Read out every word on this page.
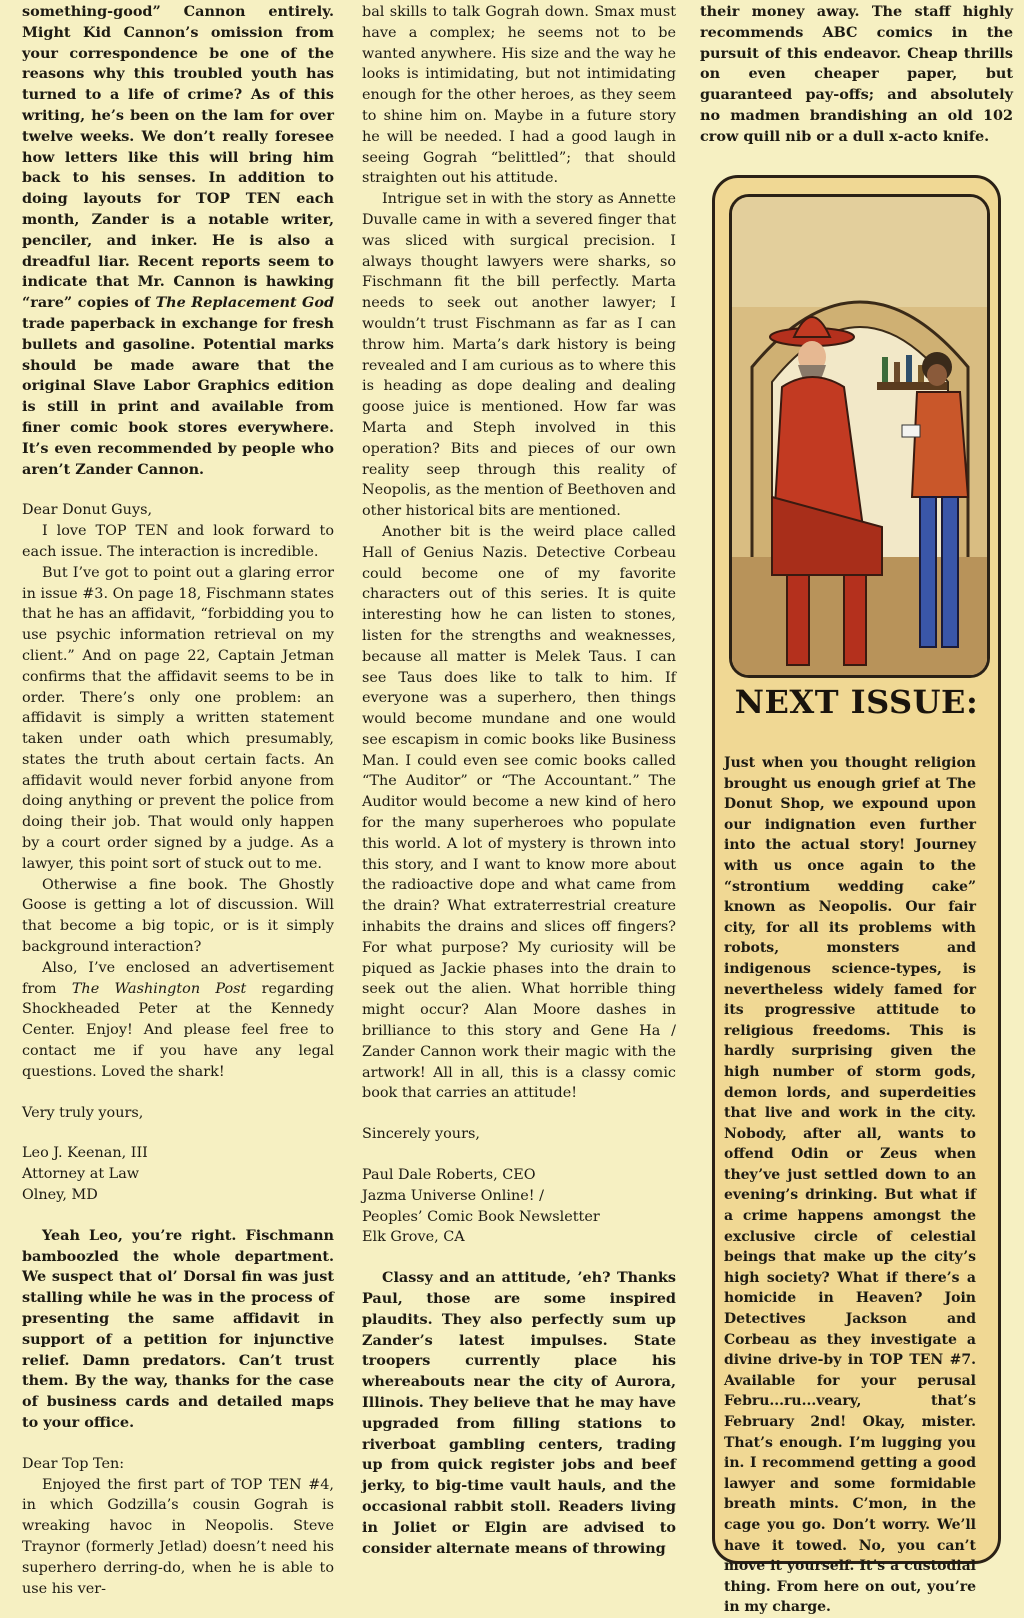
something-good” Cannon entirely. Might Kid Cannon’s omission from your correspondence be one of the reasons why this troubled youth has turned to a life of crime? As of this writing, he’s been on the lam for over twelve weeks. We don’t really foresee how letters like this will bring him back to his senses. In addition to doing layouts for TOP TEN each month, Zander is a notable writer, penciler, and inker. He is also a dreadful liar. Recent reports seem to indicate that Mr. Cannon is hawking “rare” copies of The Replacement God trade paperback in exchange for fresh bullets and gasoline. Potential marks should be made aware that the original Slave Labor Graphics edition is still in print and available from finer comic book stores everywhere. It’s even recommended by people who aren’t Zander Cannon.

Dear Donut Guys,

I love TOP TEN and look forward to each issue. The interaction is incredible.

But I’ve got to point out a glaring error in issue #3. On page 18, Fischmann states that he has an affidavit, “forbidding you to use psychic information retrieval on my client.” And on page 22, Captain Jetman confirms that the affidavit seems to be in order. There’s only one problem: an affidavit is simply a written statement taken under oath which presumably, states the truth about certain facts. An affidavit would never forbid anyone from doing anything or prevent the police from doing their job. That would only happen by a court order signed by a judge. As a lawyer, this point sort of stuck out to me.

Otherwise a fine book. The Ghostly Goose is getting a lot of discussion. Will that become a big topic, or is it simply background interaction?

Also, I’ve enclosed an advertisement from The Washington Post regarding Shockheaded Peter at the Kennedy Center. Enjoy! And please feel free to contact me if you have any legal questions. Loved the shark!

Very truly yours,

Leo J. Keenan, III

Attorney at Law

Olney, MD

Yeah Leo, you’re right. Fischmann bamboozled the whole department. We suspect that ol’ Dorsal fin was just stalling while he was in the process of presenting the same affidavit in support of a petition for injunctive relief. Damn predators. Can’t trust them. By the way, thanks for the case of business cards and detailed maps to your office.

Dear Top Ten:

Enjoyed the first part of TOP TEN #4, in which Godzilla’s cousin Gograh is wreaking havoc in Neopolis. Steve Traynor (formerly Jetlad) doesn’t need his superhero derring-do, when he is able to use his ver-

bal skills to talk Gograh down. Smax must have a complex; he seems not to be wanted anywhere. His size and the way he looks is intimidating, but not intimidating enough for the other heroes, as they seem to shine him on. Maybe in a future story he will be needed. I had a good laugh in seeing Gograh “belittled”; that should straighten out his attitude.

Intrigue set in with the story as Annette Duvalle came in with a severed finger that was sliced with surgical precision. I always thought lawyers were sharks, so Fischmann fit the bill perfectly. Marta needs to seek out another lawyer; I wouldn’t trust Fischmann as far as I can throw him. Marta’s dark history is being revealed and I am curious as to where this is heading as dope dealing and dealing goose juice is mentioned. How far was Marta and Steph involved in this operation? Bits and pieces of our own reality seep through this reality of Neopolis, as the mention of Beethoven and other historical bits are mentioned.

Another bit is the weird place called Hall of Genius Nazis. Detective Corbeau could become one of my favorite characters out of this series. It is quite interesting how he can listen to stones, listen for the strengths and weaknesses, because all matter is Melek Taus. I can see Taus does like to talk to him. If everyone was a superhero, then things would become mundane and one would see escapism in comic books like Business Man. I could even see comic books called “The Auditor” or “The Accountant.” The Auditor would become a new kind of hero for the many superheroes who populate this world. A lot of mystery is thrown into this story, and I want to know more about the radioactive dope and what came from the drain? What extraterrestrial creature inhabits the drains and slices off fingers? For what purpose? My curiosity will be piqued as Jackie phases into the drain to seek out the alien. What horrible thing might occur? Alan Moore dashes in brilliance to this story and Gene Ha / Zander Cannon work their magic with the artwork! All in all, this is a classy comic book that carries an attitude!

Sincerely yours,

Paul Dale Roberts, CEO

Jazma Universe Online! /

Peoples’ Comic Book Newsletter

Elk Grove, CA

Classy and an attitude, ’eh? Thanks Paul, those are some inspired plaudits. They also perfectly sum up Zander’s latest impulses. State troopers currently place his whereabouts near the city of Aurora, Illinois. They believe that he may have upgraded from filling stations to riverboat gambling centers, trading up from quick register jobs and beef jerky, to big-time vault hauls, and the occasional rabbit stoll. Readers living in Joliet or Elgin are advised to consider alternate means of throwing

their money away. The staff highly recommends ABC comics in the pursuit of this endeavor. Cheap thrills on even cheaper paper, but guaranteed pay-offs; and absolutely no madmen brandishing an old 102 crow quill nib or a dull x-acto knife.

NEXT ISSUE:

Just when you thought religion brought us enough grief at The Donut Shop, we expound upon our indignation even further into the actual story! Journey with us once again to the “strontium wedding cake” known as Neopolis. Our fair city, for all its problems with robots, monsters and indigenous science-types, is nevertheless widely famed for its progressive attitude to religious freedoms. This is hardly surprising given the high number of storm gods, demon lords, and superdeities that live and work in the city. Nobody, after all, wants to offend Odin or Zeus when they’ve just settled down to an evening’s drinking. But what if a crime happens amongst the exclusive circle of celestial beings that make up the city’s high society? What if there’s a homicide in Heaven? Join Detectives Jackson and Corbeau as they investigate a divine drive-by in TOP TEN #7. Available for your perusal Febru...ru...veary, that’s February 2nd! Okay, mister. That’s enough. I’m lugging you in. I recommend getting a good lawyer and some formidable breath mints. C’mon, in the cage you go. Don’t worry. We’ll have it towed. No, you can’t move it yourself. It’s a custodial thing. From here on out, you’re in my charge.
